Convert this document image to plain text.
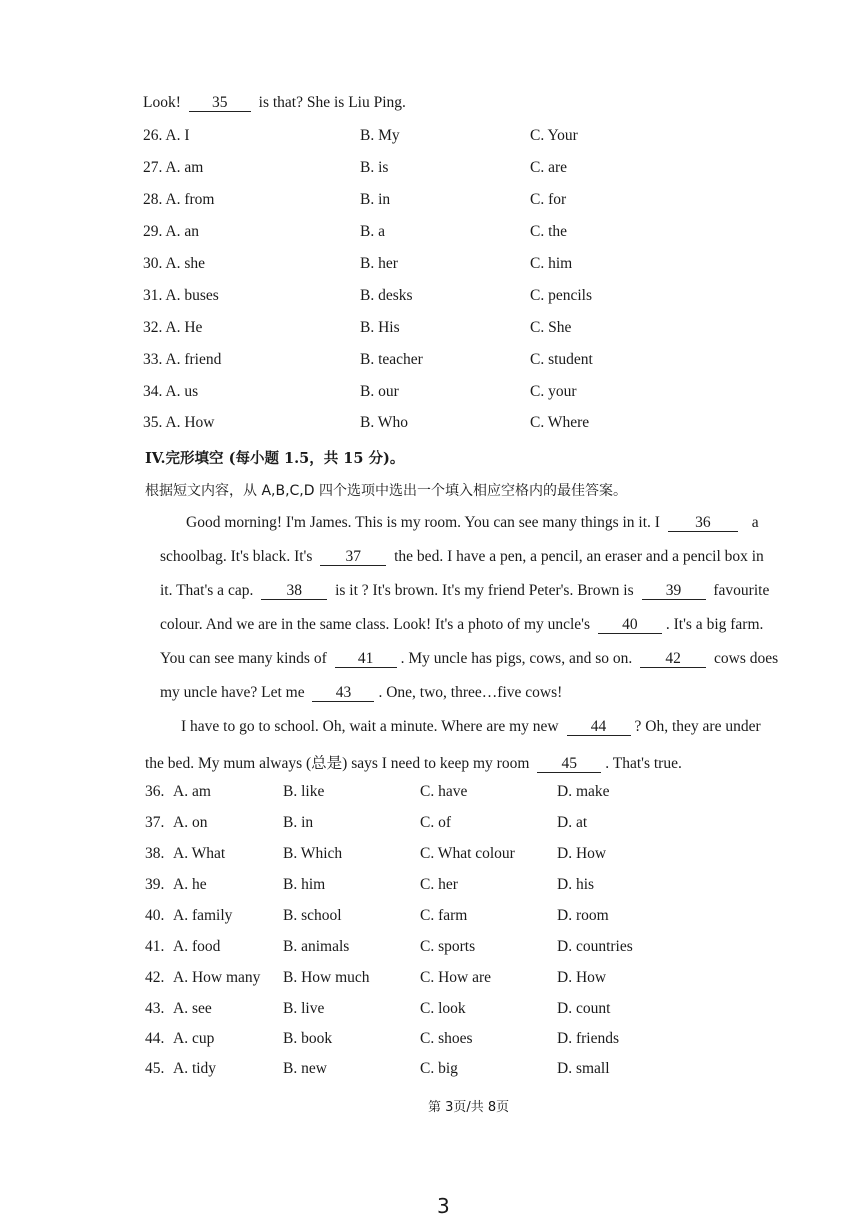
Look! 35 is that? She is Liu Ping.
26. A. I	B. My	C. Your
27. A. am	B. is	C. are
28. A. from	B. in	C. for
29. A. an	B. a	C. the
30. A. she	B. her	C. him
31. A. buses	B. desks	C. pencils
32. A. He	B. His	C. She
33. A. friend	B. teacher	C. student
34. A. us	B. our	C. your
35. A. How	B. Who	C. Where
IV.完形填空 (每小题 1.5，共 15 分)。
根据短文内容，从 A,B,C,D 四个选项中选出一个填入相应空格内的最佳答案。
Good morning! I'm James. This is my room. You can see many things in it. I 36	a
schoolbag. It's black. It's 37 the bed. I have a pen, a pencil, an eraser and a pencil box in
it. That's a cap. 38 is it ? It's brown. It's my friend Peter's. Brown is 39 favourite
colour. And we are in the same class. Look! It's a photo of my uncle's 40 . It's a big farm.
You can see many kinds of 41 . My uncle has pigs, cows, and so on. 42 cows does
my uncle have? Let me 43 . One, two, three…five cows!
I have to go to school. Oh, wait a minute. Where are my new 44 ? Oh, they are under
the bed. My mum always (总是) says I need to keep my room 45 . That's true.
36. A. am	B. like	C. have	D. make
37. A. on	B. in	C. of	D. at
38. A. What	B. Which	C. What colour	D. How
39. A. he	B. him	C. her	D. his
40. A. family	B. school	C. farm	D. room
41. A. food	B. animals	C. sports	D. countries
42. A. How many B. How much	C. How are	D. How
43. A. see	B. live	C. look	D. count
44. A. cup	B. book	C. shoes	D. friends
45. A. tidy	B. new	C. big	D. small
第 3页/共 8页
3
